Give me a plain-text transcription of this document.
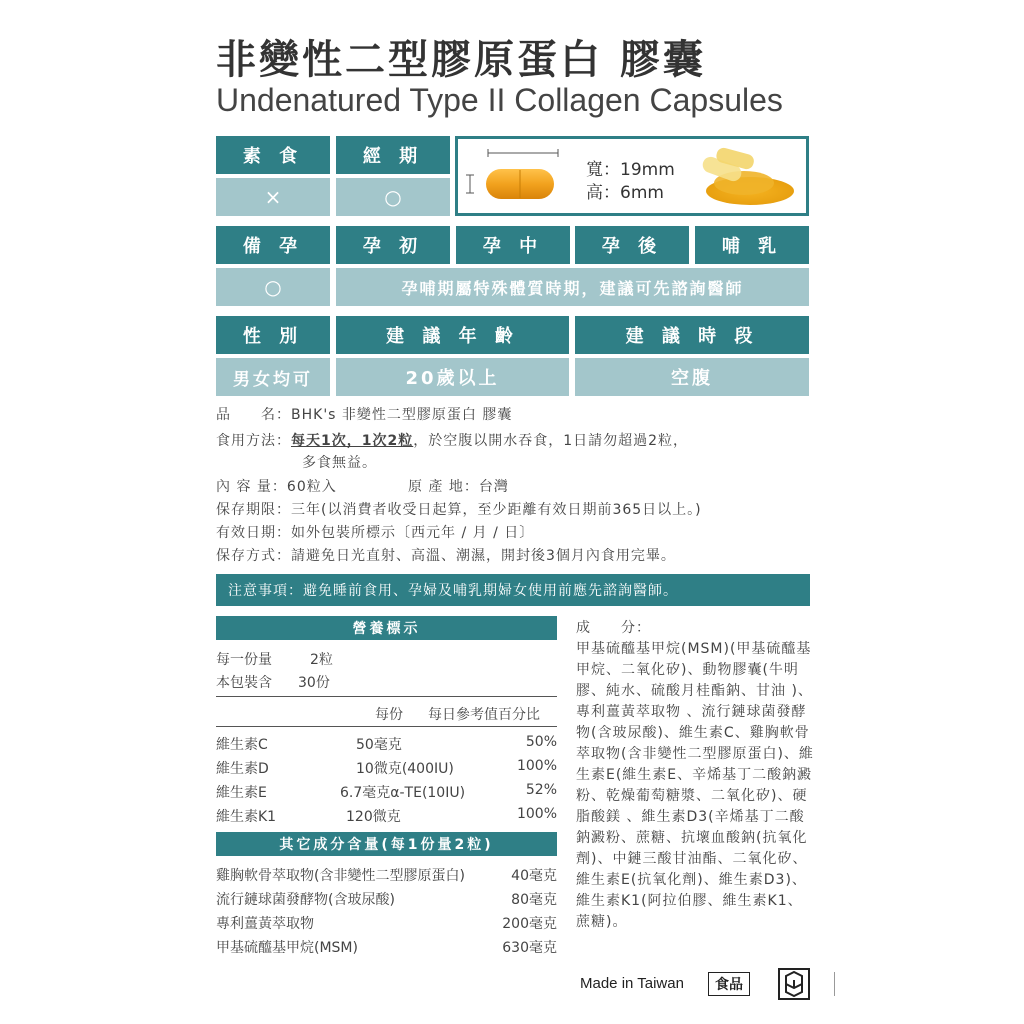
非變性二型膠原蛋白 膠囊
Undenatured Type II Collagen Capsules
素 食	經 期
×	○
寬：19mm
高：6mm
備 孕	孕 初	孕 中	孕 後	哺 乳
○	孕哺期屬特殊體質時期，建議可先諮詢醫師
性 別	建 議 年 齡	建 議 時 段
男女均可	20歲以上	空腹
品　　名：BHK's 非變性二型膠原蛋白 膠囊
食用方法：每天1次，1次2粒，於空腹以開水吞食，1日請勿超過2粒，
多食無益。
內 容 量：60粒入	原 產 地：台灣
保存期限：三年(以消費者收受日起算，至少距離有效日期前365日以上。)
有效日期：如外包裝所標示〔西元年 / 月 / 日〕
保存方式：請避免日光直射、高溫、潮濕，開封後3個月內食用完畢。
注意事項：避免睡前食用、孕婦及哺乳期婦女使用前應先諮詢醫師。
營養標示
每一份量	2粒
本包裝含 30份
每份 每日參考值百分比
維生素C	50毫克	50%
維生素D	10微克(400IU)	100%
維生素E	6.7毫克α-TE(10IU)	52%
維生素K1	120微克	100%
其它成分含量(每1份量2粒)
雞胸軟骨萃取物(含非變性二型膠原蛋白)	40毫克
流行鏈球菌發酵物(含玻尿酸)	80毫克
專利薑黃萃取物	200毫克
甲基硫醯基甲烷(MSM)	630毫克
成　　分：
甲基硫醯基甲烷(MSM)(甲基硫醯基甲烷、二氧化矽)、動物膠囊(牛明膠、純水、硫酸月桂酯鈉、甘油 )、專利薑黃萃取物 、流行鏈球菌發酵物(含玻尿酸)、維生素C、雞胸軟骨萃取物(含非變性二型膠原蛋白)、維生素E(維生素E、辛烯基丁二酸鈉澱粉、乾燥葡萄糖漿、二氧化矽)、硬脂酸鎂 、維生素D3(辛烯基丁二酸鈉澱粉、蔗糖、抗壞血酸鈉(抗氧化劑)、中鏈三酸甘油酯、二氧化矽、維生素E(抗氧化劑)、維生素D3)、維生素K1(阿拉伯膠、維生素K1、蔗糖)。
Made in Taiwan	食品
